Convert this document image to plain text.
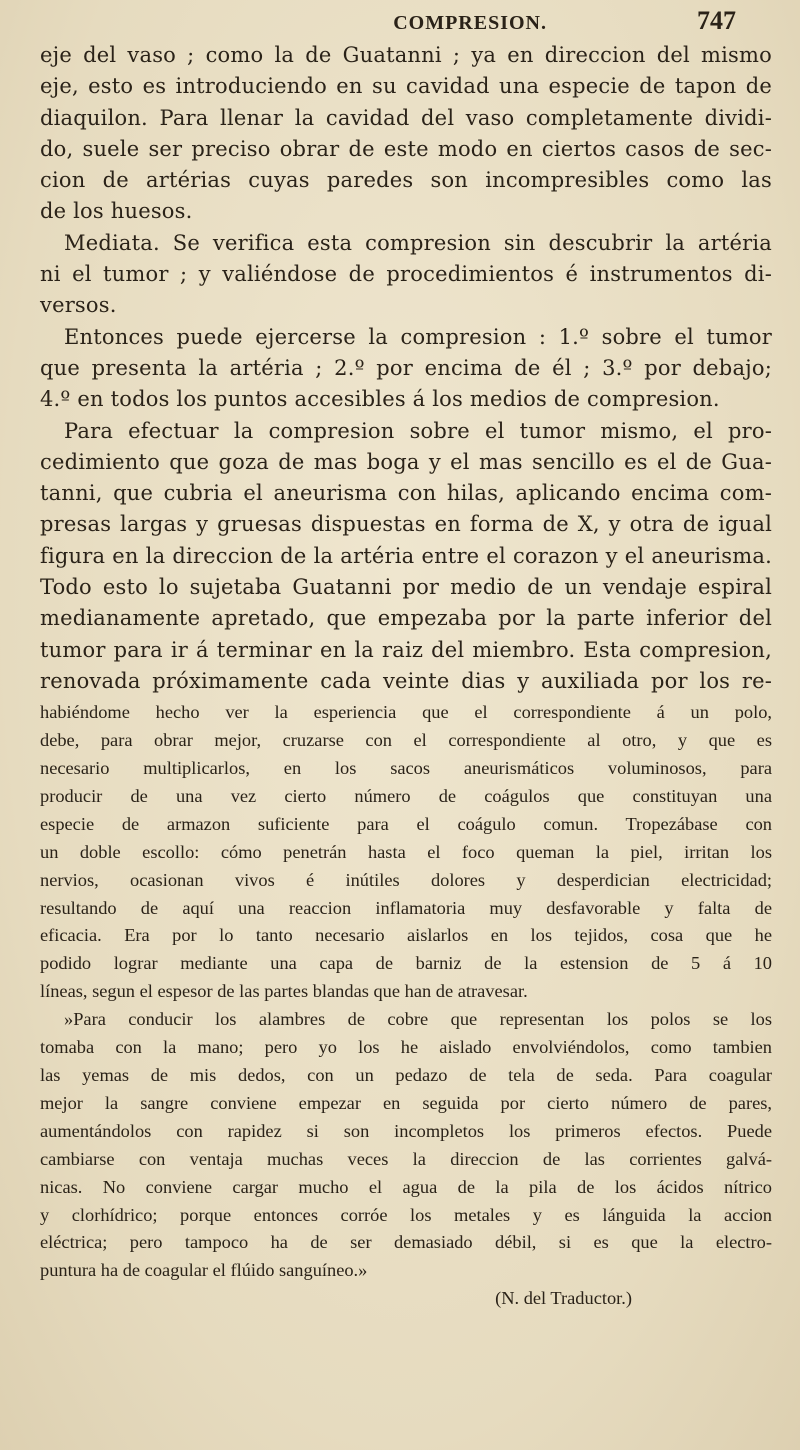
COMPRESION.	747

eje del vaso ; como la de Guatanni ; ya en direccion del mismo

eje, esto es introduciendo en su cavidad una especie de tapon de

diaquilon. Para llenar la cavidad del vaso completamente dividi-

do, suele ser preciso obrar de este modo en ciertos casos de sec-

cion de artérias cuyas paredes son incompresibles como las

de los huesos.

Mediata. Se verifica esta compresion sin descubrir la artéria

ni el tumor ; y valiéndose de procedimientos é instrumentos di-

versos.

Entonces puede ejercerse la compresion : 1.º sobre el tumor

que presenta la artéria ; 2.º por encima de él ; 3.º por debajo;

4.º en todos los puntos accesibles á los medios de compresion.

Para efectuar la compresion sobre el tumor mismo, el pro-

cedimiento que goza de mas boga y el mas sencillo es el de Gua-

tanni, que cubria el aneurisma con hilas, aplicando encima com-

presas largas y gruesas dispuestas en forma de X, y otra de igual

figura en la direccion de la artéria entre el corazon y el aneurisma.

Todo esto lo sujetaba Guatanni por medio de un vendaje espiral

medianamente apretado, que empezaba por la parte inferior del

tumor para ir á terminar en la raiz del miembro. Esta compresion,

renovada próximamente cada veinte dias y auxiliada por los re-

habiéndome hecho ver la esperiencia que el correspondiente á un polo,

debe, para obrar mejor, cruzarse con el correspondiente al otro, y que es

necesario multiplicarlos, en los sacos aneurismáticos voluminosos, para

producir de una vez cierto número de coágulos que constituyan una

especie de armazon suficiente para el coágulo comun. Tropezábase con

un doble escollo: cómo penetrán hasta el foco queman la piel, irritan los

nervios, ocasionan vivos é inútiles dolores y desperdician electricidad;

resultando de aquí una reaccion inflamatoria muy desfavorable y falta de

eficacia. Era por lo tanto necesario aislarlos en los tejidos, cosa que he

podido lograr mediante una capa de barniz de la estension de 5 á 10

líneas, segun el espesor de las partes blandas que han de atravesar.

»Para conducir los alambres de cobre que representan los polos se los

tomaba con la mano; pero yo los he aislado envolviéndolos, como tambien

las yemas de mis dedos, con un pedazo de tela de seda. Para coagular

mejor la sangre conviene empezar en seguida por cierto número de pares,

aumentándolos con rapidez si son incompletos los primeros efectos. Puede

cambiarse con ventaja muchas veces la direccion de las corrientes galvá-

nicas. No conviene cargar mucho el agua de la pila de los ácidos nítrico

y clorhídrico; porque entonces corróe los metales y es lánguida la accion

eléctrica; pero tampoco ha de ser demasiado débil, si es que la electro-

puntura ha de coagular el flúido sanguíneo.»

(N. del Traductor.)
